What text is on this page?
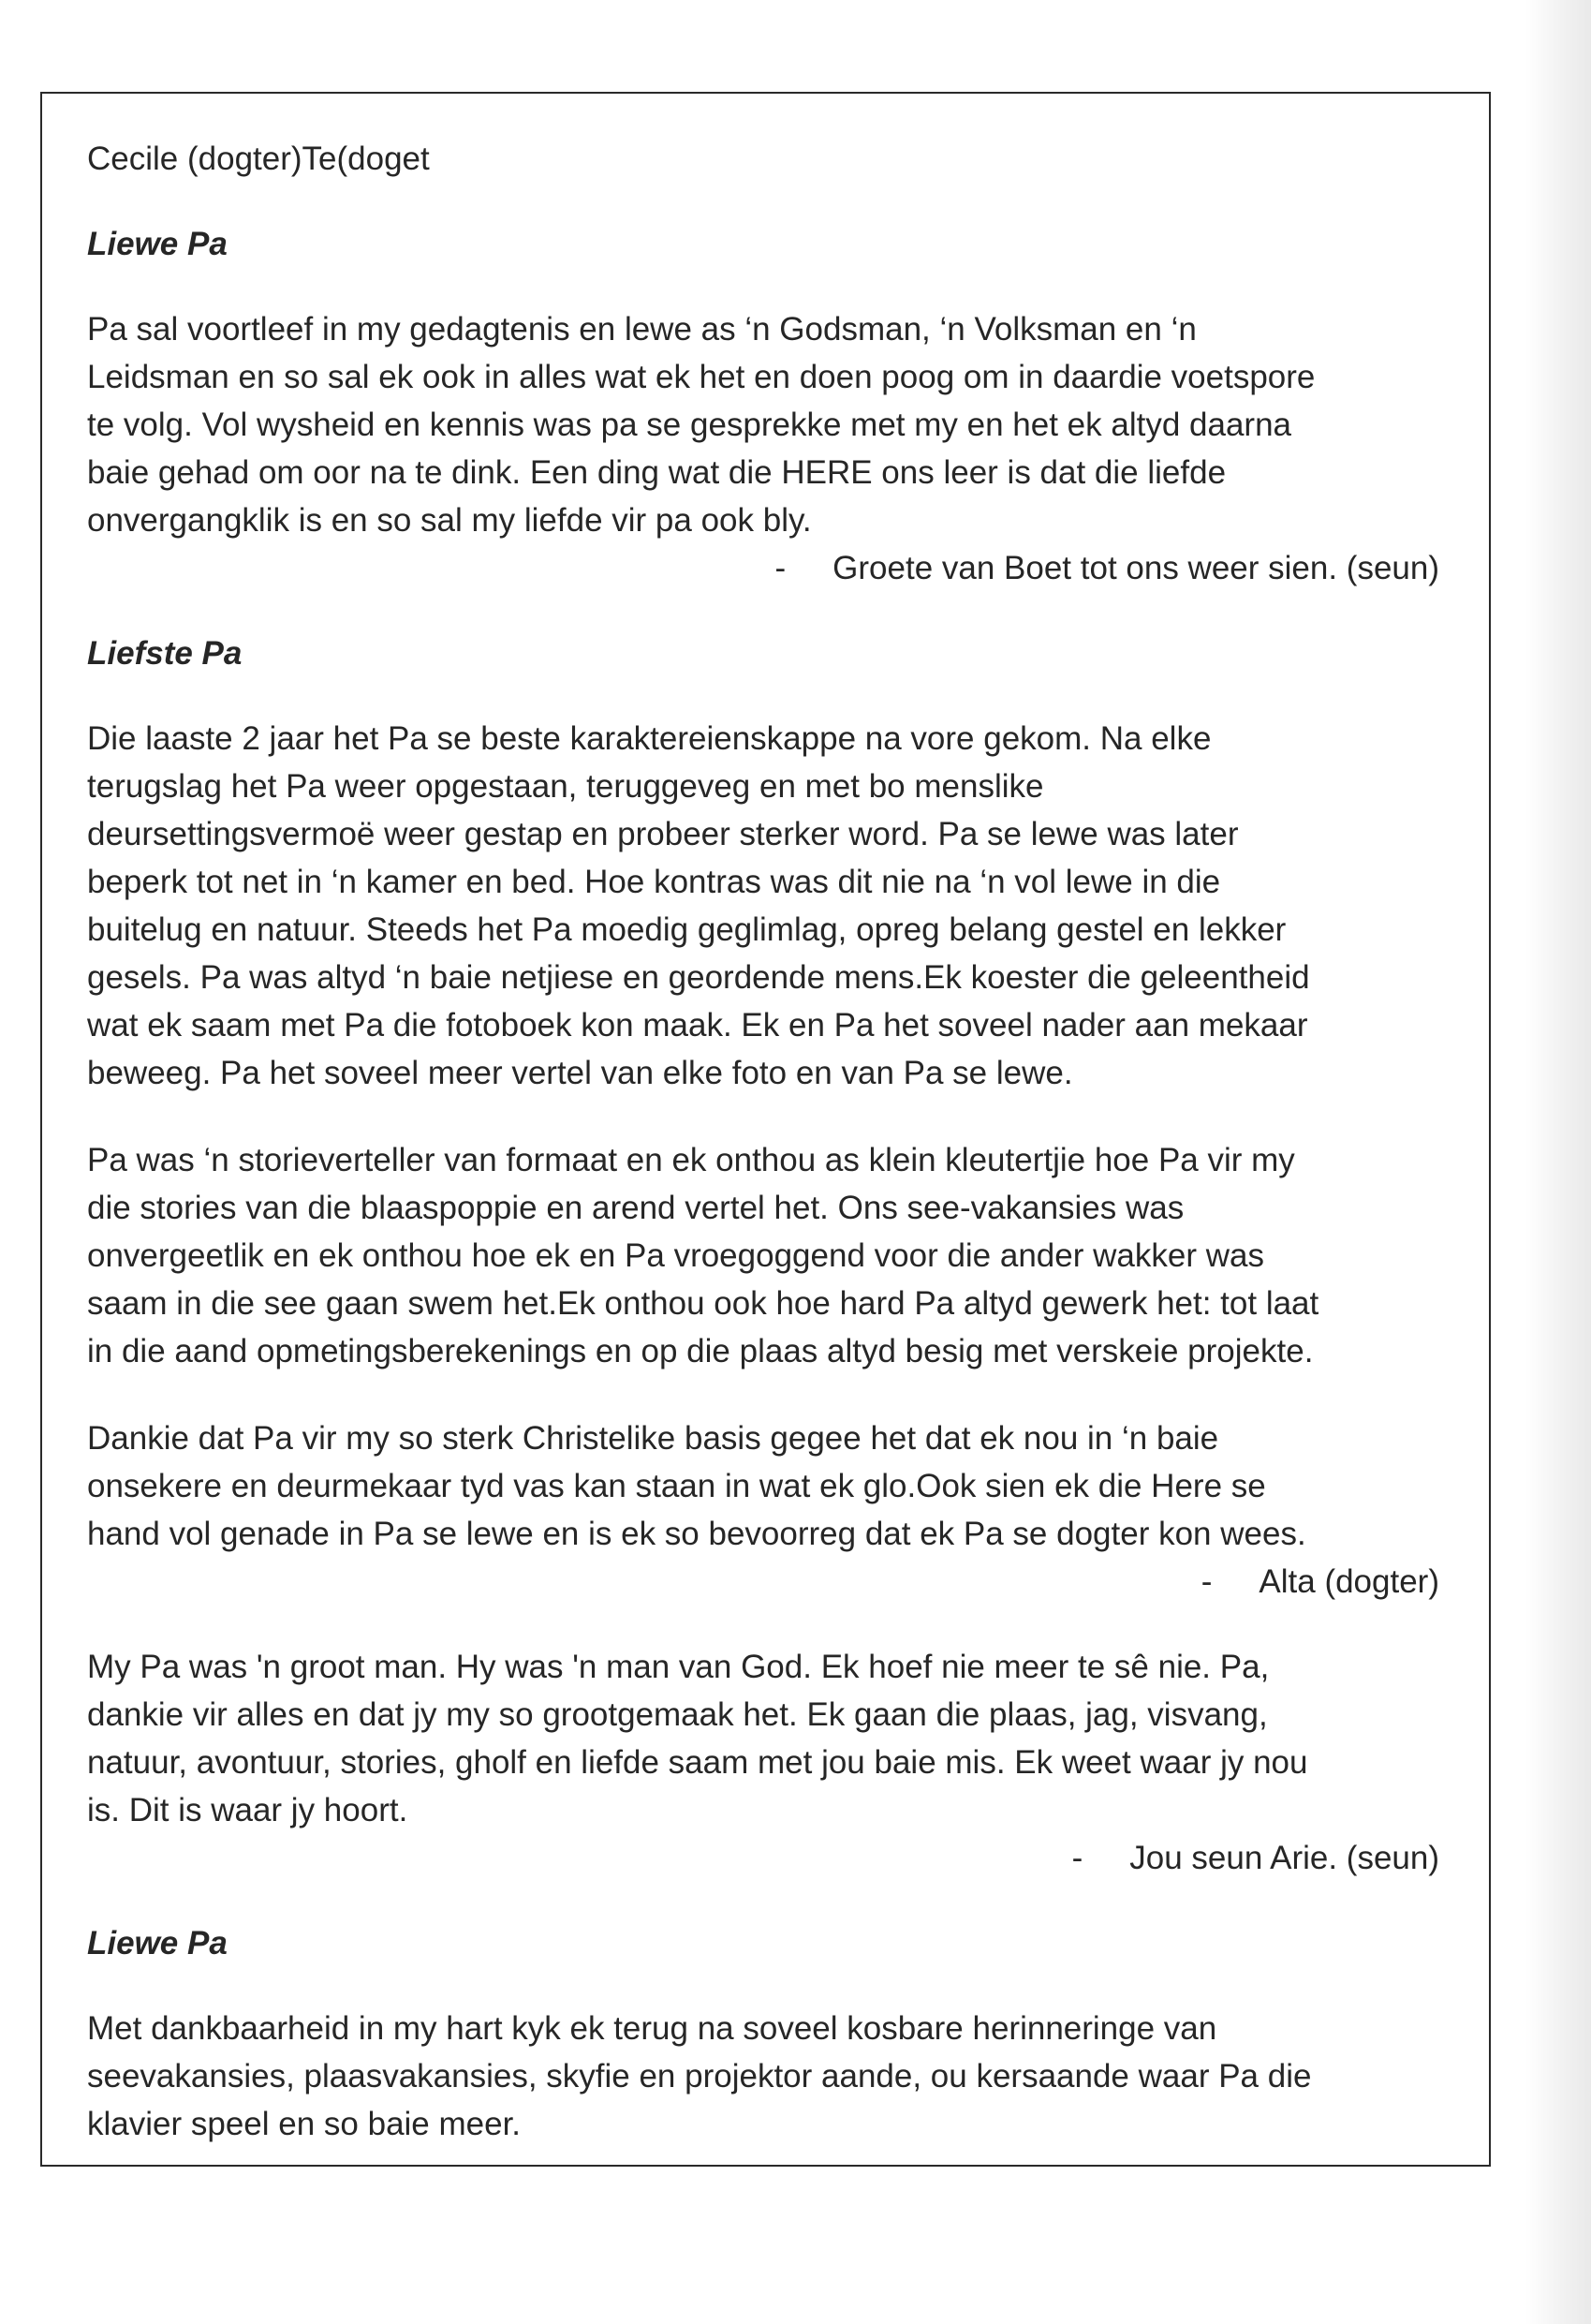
Cecile (dogter)Te(doget
Liewe Pa
Pa sal voortleef in my gedagtenis en lewe as ‘n Godsman, ‘n Volksman en ‘n
Leidsman en so sal ek ook in alles wat ek het en doen poog om in daardie voetspore
te volg. Vol wysheid en kennis was pa se gesprekke met my en het ek altyd daarna
baie gehad om oor na te dink. Een ding wat die HERE ons leer is dat die liefde
onvergangklik is en so sal my liefde vir pa ook bly.
- Groete van Boet tot ons weer sien. (seun)
Liefste Pa
Die laaste 2 jaar het Pa se beste karaktereienskappe na vore gekom. Na elke
terugslag het Pa weer opgestaan, teruggeveg en met bo menslike
deursettingsvermoë weer gestap en probeer sterker word. Pa se lewe was later
beperk tot net in ‘n kamer en bed. Hoe kontras was dit nie na ‘n vol lewe in die
buitelug en natuur. Steeds het Pa moedig geglimlag, opreg belang gestel en lekker
gesels. Pa was altyd ‘n baie netjiese en geordende mens.Ek koester die geleentheid
wat ek saam met Pa die fotoboek kon maak. Ek en Pa het soveel nader aan mekaar
beweeg. Pa het soveel meer vertel van elke foto en van Pa se lewe.
Pa was ‘n storieverteller van formaat en ek onthou as klein kleutertjie hoe Pa vir my
die stories van die blaaspoppie en arend vertel het. Ons see-vakansies was
onvergeetlik en ek onthou hoe ek en Pa vroegoggend voor die ander wakker was
saam in die see gaan swem het.Ek onthou ook hoe hard Pa altyd gewerk het: tot laat
in die aand opmetingsberekenings en op die plaas altyd besig met verskeie projekte.
Dankie dat Pa vir my so sterk Christelike basis gegee het dat ek nou in ‘n baie
onsekere en deurmekaar tyd vas kan staan in wat ek glo.Ook sien ek die Here se
hand vol genade in Pa se lewe en is ek so bevoorreg dat ek Pa se dogter kon wees.
- Alta (dogter)
My Pa was 'n groot man. Hy was 'n man van God. Ek hoef nie meer te sê nie. Pa,
dankie vir alles en dat jy my so grootgemaak het. Ek gaan die plaas, jag, visvang,
natuur, avontuur, stories, gholf en liefde saam met jou baie mis. Ek weet waar jy nou
is. Dit is waar jy hoort.
- Jou seun Arie. (seun)
Liewe Pa
Met dankbaarheid in my hart kyk ek terug na soveel kosbare herinneringe van
seevakansies, plaasvakansies, skyfie en projektor aande, ou kersaande waar Pa die
klavier speel en so baie meer.
